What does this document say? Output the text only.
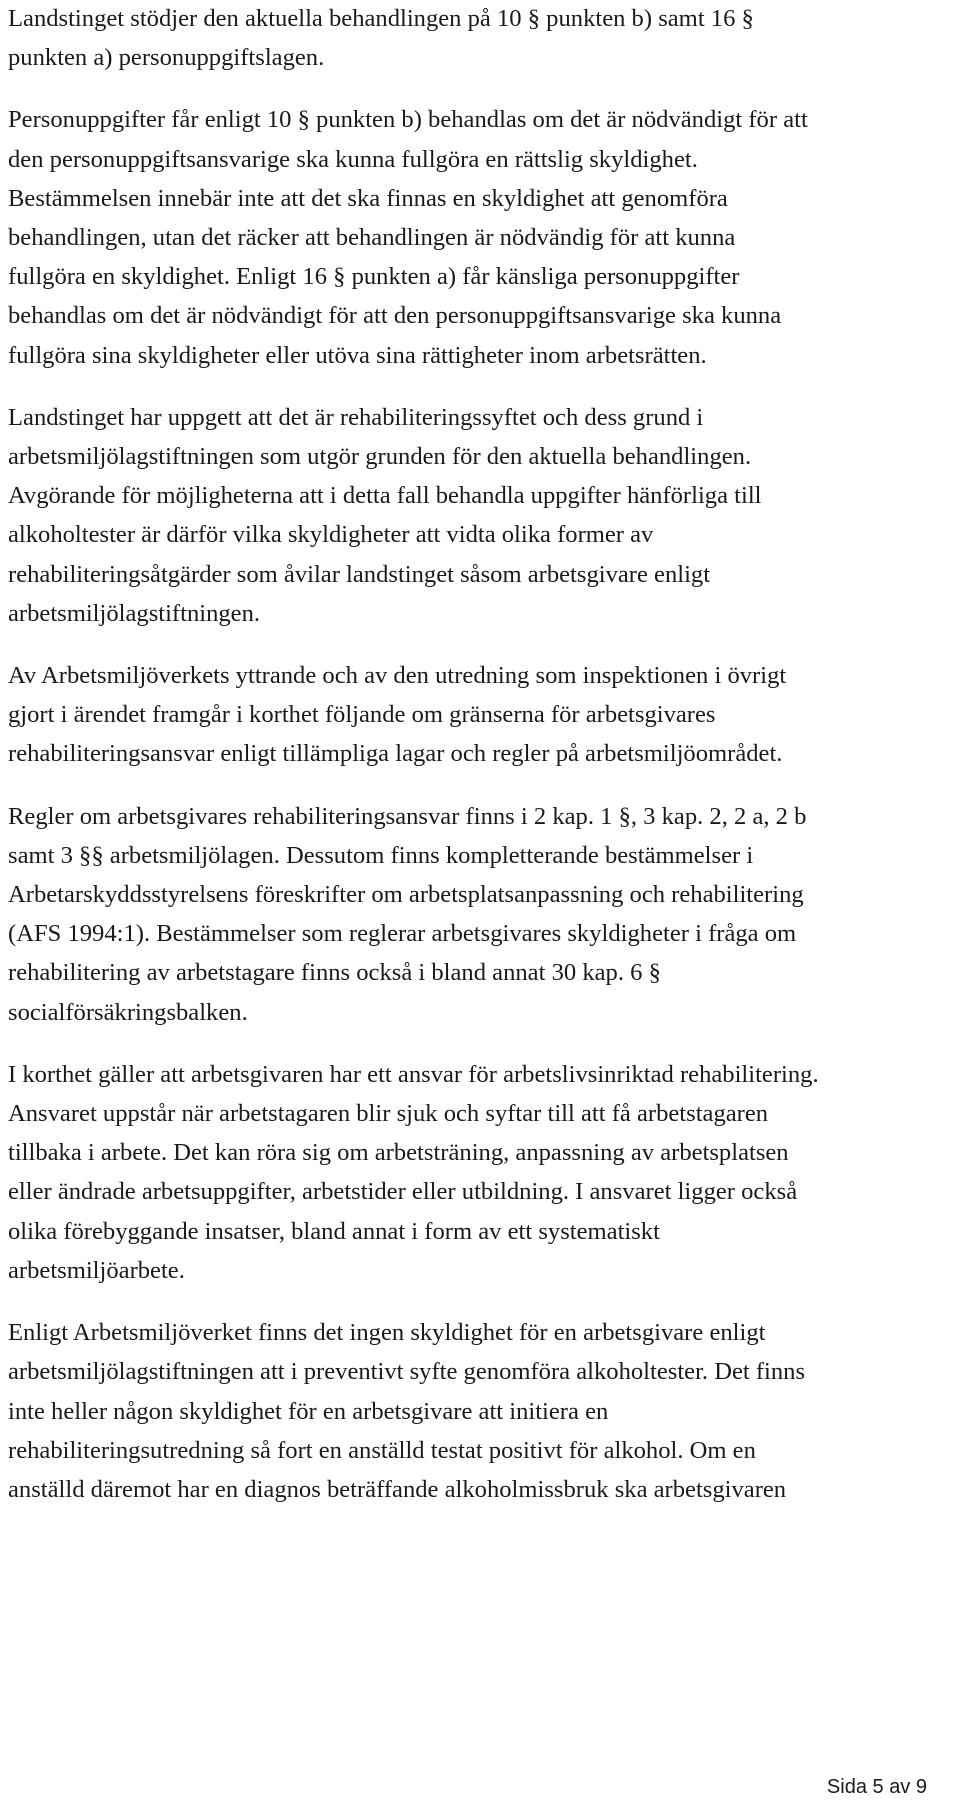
Landstinget stödjer den aktuella behandlingen på 10 § punkten b) samt 16 §
punkten a) personuppgiftslagen.

Personuppgifter får enligt 10 § punkten b) behandlas om det är nödvändigt för att
den personuppgiftsansvarige ska kunna fullgöra en rättslig skyldighet.
Bestämmelsen innebär inte att det ska finnas en skyldighet att genomföra
behandlingen, utan det räcker att behandlingen är nödvändig för att kunna
fullgöra en skyldighet. Enligt 16 § punkten a) får känsliga personuppgifter
behandlas om det är nödvändigt för att den personuppgiftsansvarige ska kunna
fullgöra sina skyldigheter eller utöva sina rättigheter inom arbetsrätten.

Landstinget har uppgett att det är rehabiliteringssyftet och dess grund i
arbetsmiljölagstiftningen som utgör grunden för den aktuella behandlingen.
Avgörande för möjligheterna att i detta fall behandla uppgifter hänförliga till
alkoholtester är därför vilka skyldigheter att vidta olika former av
rehabiliteringsåtgärder som åvilar landstinget såsom arbetsgivare enligt
arbetsmiljölagstiftningen.

Av Arbetsmiljöverkets yttrande och av den utredning som inspektionen i övrigt
gjort i ärendet framgår i korthet följande om gränserna för arbetsgivares
rehabiliteringsansvar enligt tillämpliga lagar och regler på arbetsmiljöområdet.

Regler om arbetsgivares rehabiliteringsansvar finns i 2 kap. 1 §, 3 kap. 2, 2 a, 2 b
samt 3 §§ arbetsmiljölagen. Dessutom finns kompletterande bestämmelser i
Arbetarskyddsstyrelsens föreskrifter om arbetsplatsanpassning och rehabilitering
(AFS 1994:1). Bestämmelser som reglerar arbetsgivares skyldigheter i fråga om
rehabilitering av arbetstagare finns också i bland annat 30 kap. 6 §
socialförsäkringsbalken.

I korthet gäller att arbetsgivaren har ett ansvar för arbetslivsinriktad rehabilitering.
Ansvaret uppstår när arbetstagaren blir sjuk och syftar till att få arbetstagaren
tillbaka i arbete. Det kan röra sig om arbetsträning, anpassning av arbetsplatsen
eller ändrade arbetsuppgifter, arbetstider eller utbildning. I ansvaret ligger också
olika förebyggande insatser, bland annat i form av ett systematiskt
arbetsmiljöarbete.

Enligt Arbetsmiljöverket finns det ingen skyldighet för en arbetsgivare enligt
arbetsmiljölagstiftningen att i preventivt syfte genomföra alkoholtester. Det finns
inte heller någon skyldighet för en arbetsgivare att initiera en
rehabiliteringsutredning så fort en anställd testat positivt för alkohol. Om en
anställd däremot har en diagnos beträffande alkoholmissbruk ska arbetsgivaren

Sida 5 av 9
